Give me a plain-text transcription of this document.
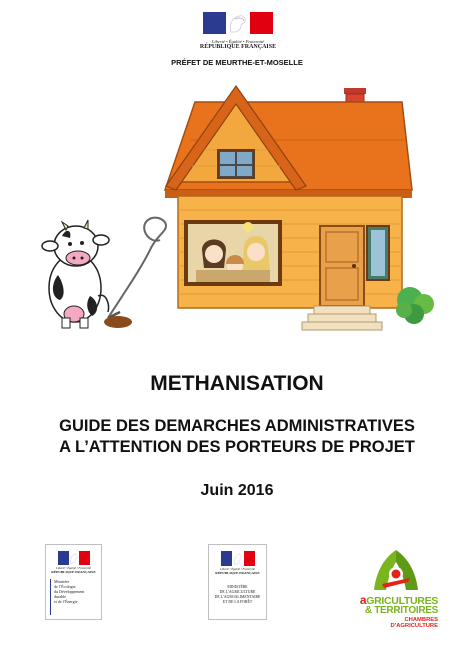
Liberté • Égalité • Fraternité
RÉPUBLIQUE FRANÇAISE
PRÉFET DE MEURTHE-ET-MOSELLE
METHANISATION
GUIDE DES DEMARCHES ADMINISTRATIVES
A L’ATTENTION DES PORTEURS DE PROJET
Juin 2016
Liberté • Égalité • Fraternité
RÉPUBLIQUE FRANÇAISE
Ministère
de l’Écologie,
du Développement
durable
et de l’Énergie
Liberté • Égalité • Fraternité
RÉPUBLIQUE FRANÇAISE
MINISTÈRE
DE L’AGRICULTURE
DE L’AGROALIMENTAIRE
ET DE LA FORÊT	aGRICULTURES
& TERRITOIRES
CHAMBRES D’AGRICULTURE
